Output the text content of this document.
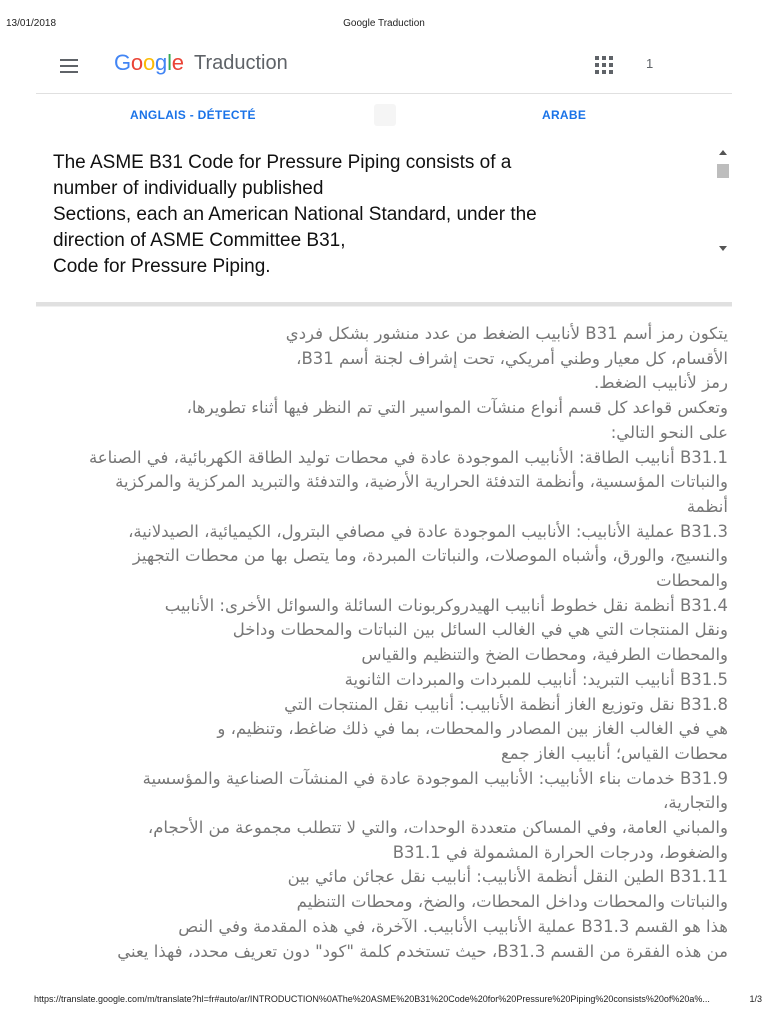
13/01/2018	Google Traduction
Google Traduction	1
ANGLAIS - DÉTECTÉ	ARABE
The ASME B31 Code for Pressure Piping consists of a
number of individually published
Sections, each an American National Standard, under the
direction of ASME Committee B31,
Code for Pressure Piping.
يتكون رمز أسم B31 لأنابيب الضغط من عدد منشور بشكل فردي
الأقسام، كل معيار وطني أمريكي، تحت إشراف لجنة أسم B31،
رمز لأنابيب الضغط.
وتعكس قواعد كل قسم أنواع منشآت المواسير التي تم النظر فيها أثناء تطويرها،
على النحو التالي:
B31.1 أنابيب الطاقة: الأنابيب الموجودة عادة في محطات توليد الطاقة الكهربائية، في الصناعة
والنباتات المؤسسية، وأنظمة التدفئة الحرارية الأرضية، والتدفئة والتبريد المركزية والمركزية
أنظمة
B31.3 عملية الأنابيب: الأنابيب الموجودة عادة في مصافي البترول، الكيميائية، الصيدلانية،
والنسيج، والورق، وأشباه الموصلات، والنباتات المبردة، وما يتصل بها من محطات التجهيز
والمحطات
B31.4 أنظمة نقل خطوط أنابيب الهيدروكربونات السائلة والسوائل الأخرى: الأنابيب
ونقل المنتجات التي هي في الغالب السائل بين النباتات والمحطات وداخل
والمحطات الطرفية، ومحطات الضخ والتنظيم والقياس
B31.5 أنابيب التبريد: أنابيب للمبردات والمبردات الثانوية
B31.8 نقل وتوزيع الغاز أنظمة الأنابيب: أنابيب نقل المنتجات التي
هي في الغالب الغاز بين المصادر والمحطات، بما في ذلك ضاغط، وتنظيم، و
محطات القياس؛ أنابيب الغاز جمع
B31.9 خدمات بناء الأنابيب: الأنابيب الموجودة عادة في المنشآت الصناعية والمؤسسية
والتجارية،
والمباني العامة، وفي المساكن متعددة الوحدات، والتي لا تتطلب مجموعة من الأحجام،
والضغوط، ودرجات الحرارة المشمولة في B31.1
B31.11 الطين النقل أنظمة الأنابيب: أنابيب نقل عجائن مائي بين
والنباتات والمحطات وداخل المحطات، والضخ، ومحطات التنظيم
هذا هو القسم B31.3 عملية الأنابيب الأنابيب. الآخرة، في هذه المقدمة وفي النص
من هذه الفقرة من القسم B31.3، حيث تستخدم كلمة "كود" دون تعريف محدد، فهذا يعني
https://translate.google.com/m/translate?hl=fr#auto/ar/INTRODUCTION%0AThe%20ASME%20B31%20Code%20for%20Pressure%20Piping%20consists%20of%20a%...	1/3
